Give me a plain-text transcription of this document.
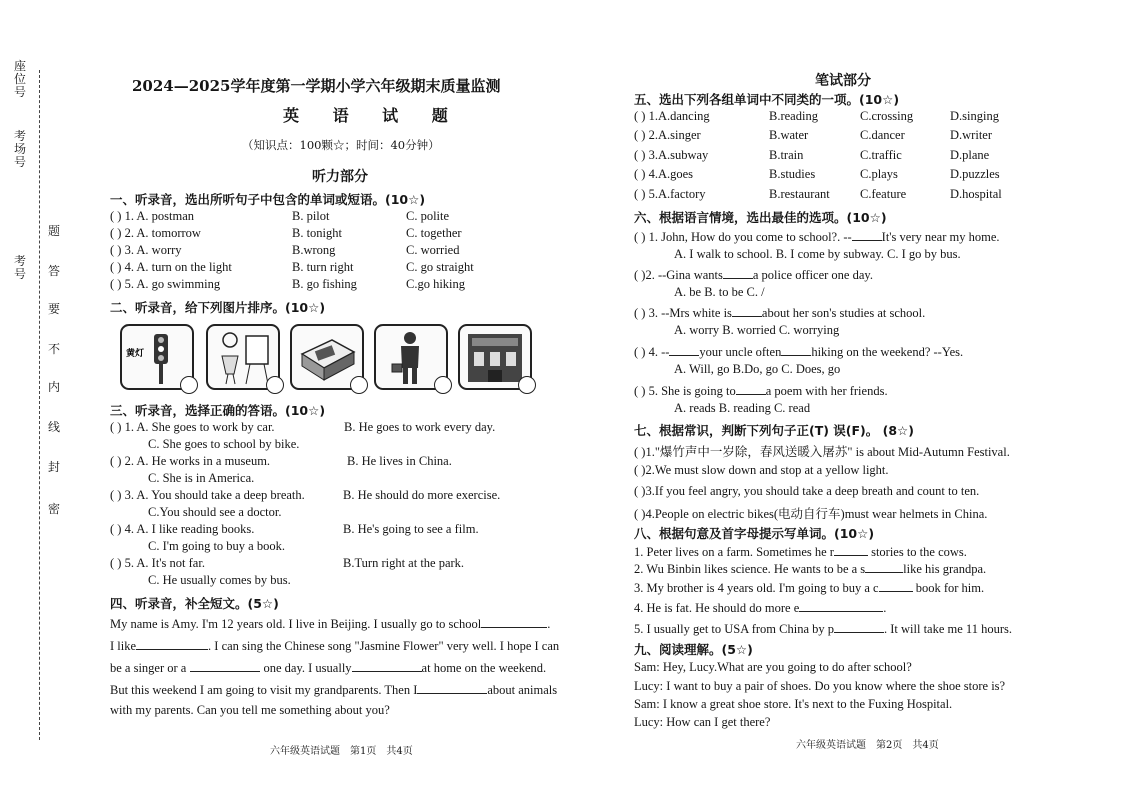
考场号
考号
座位号
密
封
线
内
不
要
答
题
2024—2025学年度第一学期小学六年级期末质量监测
英 语 试 题
（知识点：100颗☆；时间：40分钟）
听力部分
一、听录音，选出所听句子中包含的单词或短语。(10☆)
( ) 1. A. postman	B. pilot	C. polite
( ) 2. A. tomorrow	B. tonight	C. together
( ) 3. A. worry	B.wrong	C. worried
( ) 4. A. turn on the light	B. turn right	C. go straight
( ) 5. A. go swimming	B. go fishing	C.go hiking
二、听录音，给下列图片排序。(10☆)
黄灯
三、听录音，选择正确的答语。(10☆)
( ) 1. A. She goes to work by car.	B. He goes to work every day.
C. She goes to school by bike.
( ) 2. A. He works in a museum.	B. He lives in China.
C. She is in America.
( ) 3. A. You should take a deep breath.	B. He should do more exercise.
C.You should see a doctor.
( ) 4. A. I like reading books.	B. He's going to see a film.
C. I'm going to buy a book.
( ) 5. A. It's not far.	B.Turn right at the park.
C. He usually comes by bus.
四、听录音，补全短文。(5☆)
My name is Amy. I'm 12 years old. I live in Beijing. I usually go to school	.
I like	. I can sing the Chinese song "Jasmine Flower" very well. I hope I can
be a singer or a	one day. I usually	at home on the weekend.
But this weekend I am going to visit my grandparents. Then I	about animals
with my parents. Can you tell me something about you?
六年级英语试题　第1页　共4页
笔试部分
五、选出下列各组单词中不同类的一项。(10☆)
( ) 1.A.dancing	B.reading	C.crossing	D.singing
( ) 2.A.singer	B.water	C.dancer	D.writer
( ) 3.A.subway	B.train	C.traffic	D.plane
( ) 4.A.goes	B.studies	C.plays	D.puzzles
( ) 5.A.factory	B.restaurant C.feature	D.hospital
六、根据语言情境，选出最佳的选项。(10☆)
( ) 1. John, How do you come to school?. -- It's very near my home.
A. I walk to school. B. I come by subway. C. I go by bus.
( )2. --Gina wants a police officer one day.
A. be B. to be C. /
( ) 3. --Mrs white is about her son's studies at school.
A. worry B. worried C. worrying
( ) 4. -- your uncle often hiking on the weekend? --Yes.
A. Will, go B.Do, go C. Does, go
( ) 5. She is going to a poem with her friends.
A. reads B. reading C. read
七、根据常识，判断下列句子正(T) 误(F)。 (8☆)
( )1."爆竹声中一岁除，春风送暖入屠苏" is about Mid-Autumn Festival.
( )2.We must slow down and stop at a yellow light.
( )3.If you feel angry, you should take a deep breath and count to ten.
( )4.People on electric bikes(电动自行车)must wear helmets in China.
八、根据句意及首字母提示写单词。(10☆)
1. Peter lives on a farm. Sometimes he r	stories to the cows.
2. Wu Binbin likes science. He wants to be a s	like his grandpa.
3. My brother is 4 years old. I'm going to buy a c	book for him.
4. He is fat. He should do more e	.
5. I usually get to USA from China by p	. It will take me 11 hours.
九、阅读理解。(5☆)
Sam: Hey, Lucy.What are you going to do after school?
Lucy: I want to buy a pair of shoes. Do you know where the shoe store is?
Sam: I know a great shoe store. It's next to the Fuxing Hospital.
Lucy: How can I get there?
六年级英语试题　第2页　共4页
